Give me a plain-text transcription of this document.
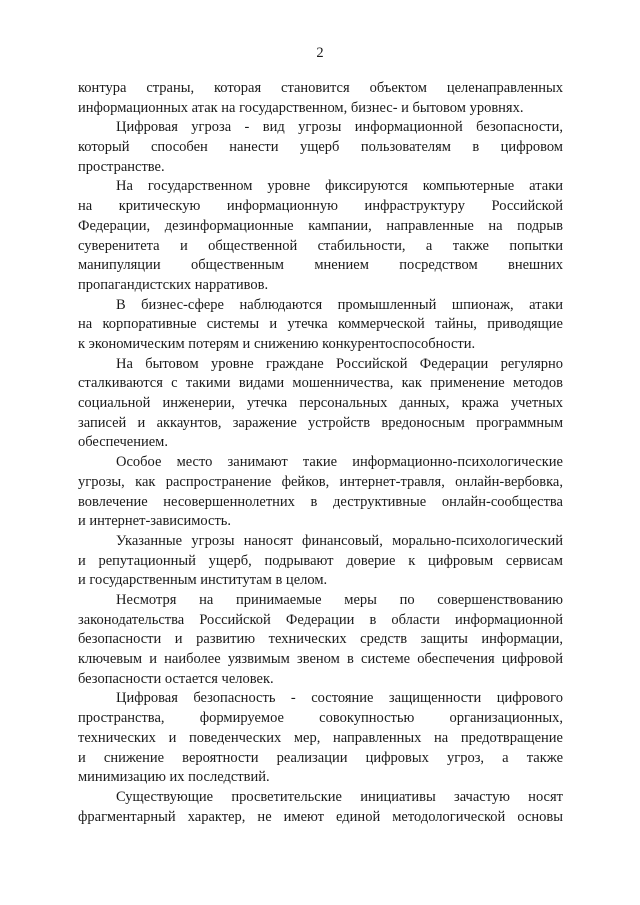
2
контура страны, которая становится объектом целенаправленных
информационных атак на государственном, бизнес- и бытовом уровнях.
Цифровая угроза - вид угрозы информационной безопасности,
который способен нанести ущерб пользователям в цифровом
пространстве.
На государственном уровне фиксируются компьютерные атаки
на критическую информационную инфраструктуру Российской
Федерации, дезинформационные кампании, направленные на подрыв
суверенитета и общественной стабильности, а также попытки
манипуляции общественным мнением посредством внешних
пропагандистских нарративов.
В бизнес-сфере наблюдаются промышленный шпионаж, атаки
на корпоративные системы и утечка коммерческой тайны, приводящие
к экономическим потерям и снижению конкурентоспособности.
На бытовом уровне граждане Российской Федерации регулярно
сталкиваются с такими видами мошенничества, как применение методов
социальной инженерии, утечка персональных данных, кража учетных
записей и аккаунтов, заражение устройств вредоносным программным
обеспечением.
Особое место занимают такие информационно-психологические
угрозы, как распространение фейков, интернет-травля, онлайн-вербовка,
вовлечение несовершеннолетних в деструктивные онлайн-сообщества
и интернет-зависимость.
Указанные угрозы наносят финансовый, морально-психологический
и репутационный ущерб, подрывают доверие к цифровым сервисам
и государственным институтам в целом.
Несмотря на принимаемые меры по совершенствованию
законодательства Российской Федерации в области информационной
безопасности и развитию технических средств защиты информации,
ключевым и наиболее уязвимым звеном в системе обеспечения цифровой
безопасности остается человек.
Цифровая безопасность - состояние защищенности цифрового
пространства, формируемое совокупностью организационных,
технических и поведенческих мер, направленных на предотвращение
и снижение вероятности реализации цифровых угроз, а также
минимизацию их последствий.
Существующие просветительские инициативы зачастую носят
фрагментарный характер, не имеют единой методологической основы
